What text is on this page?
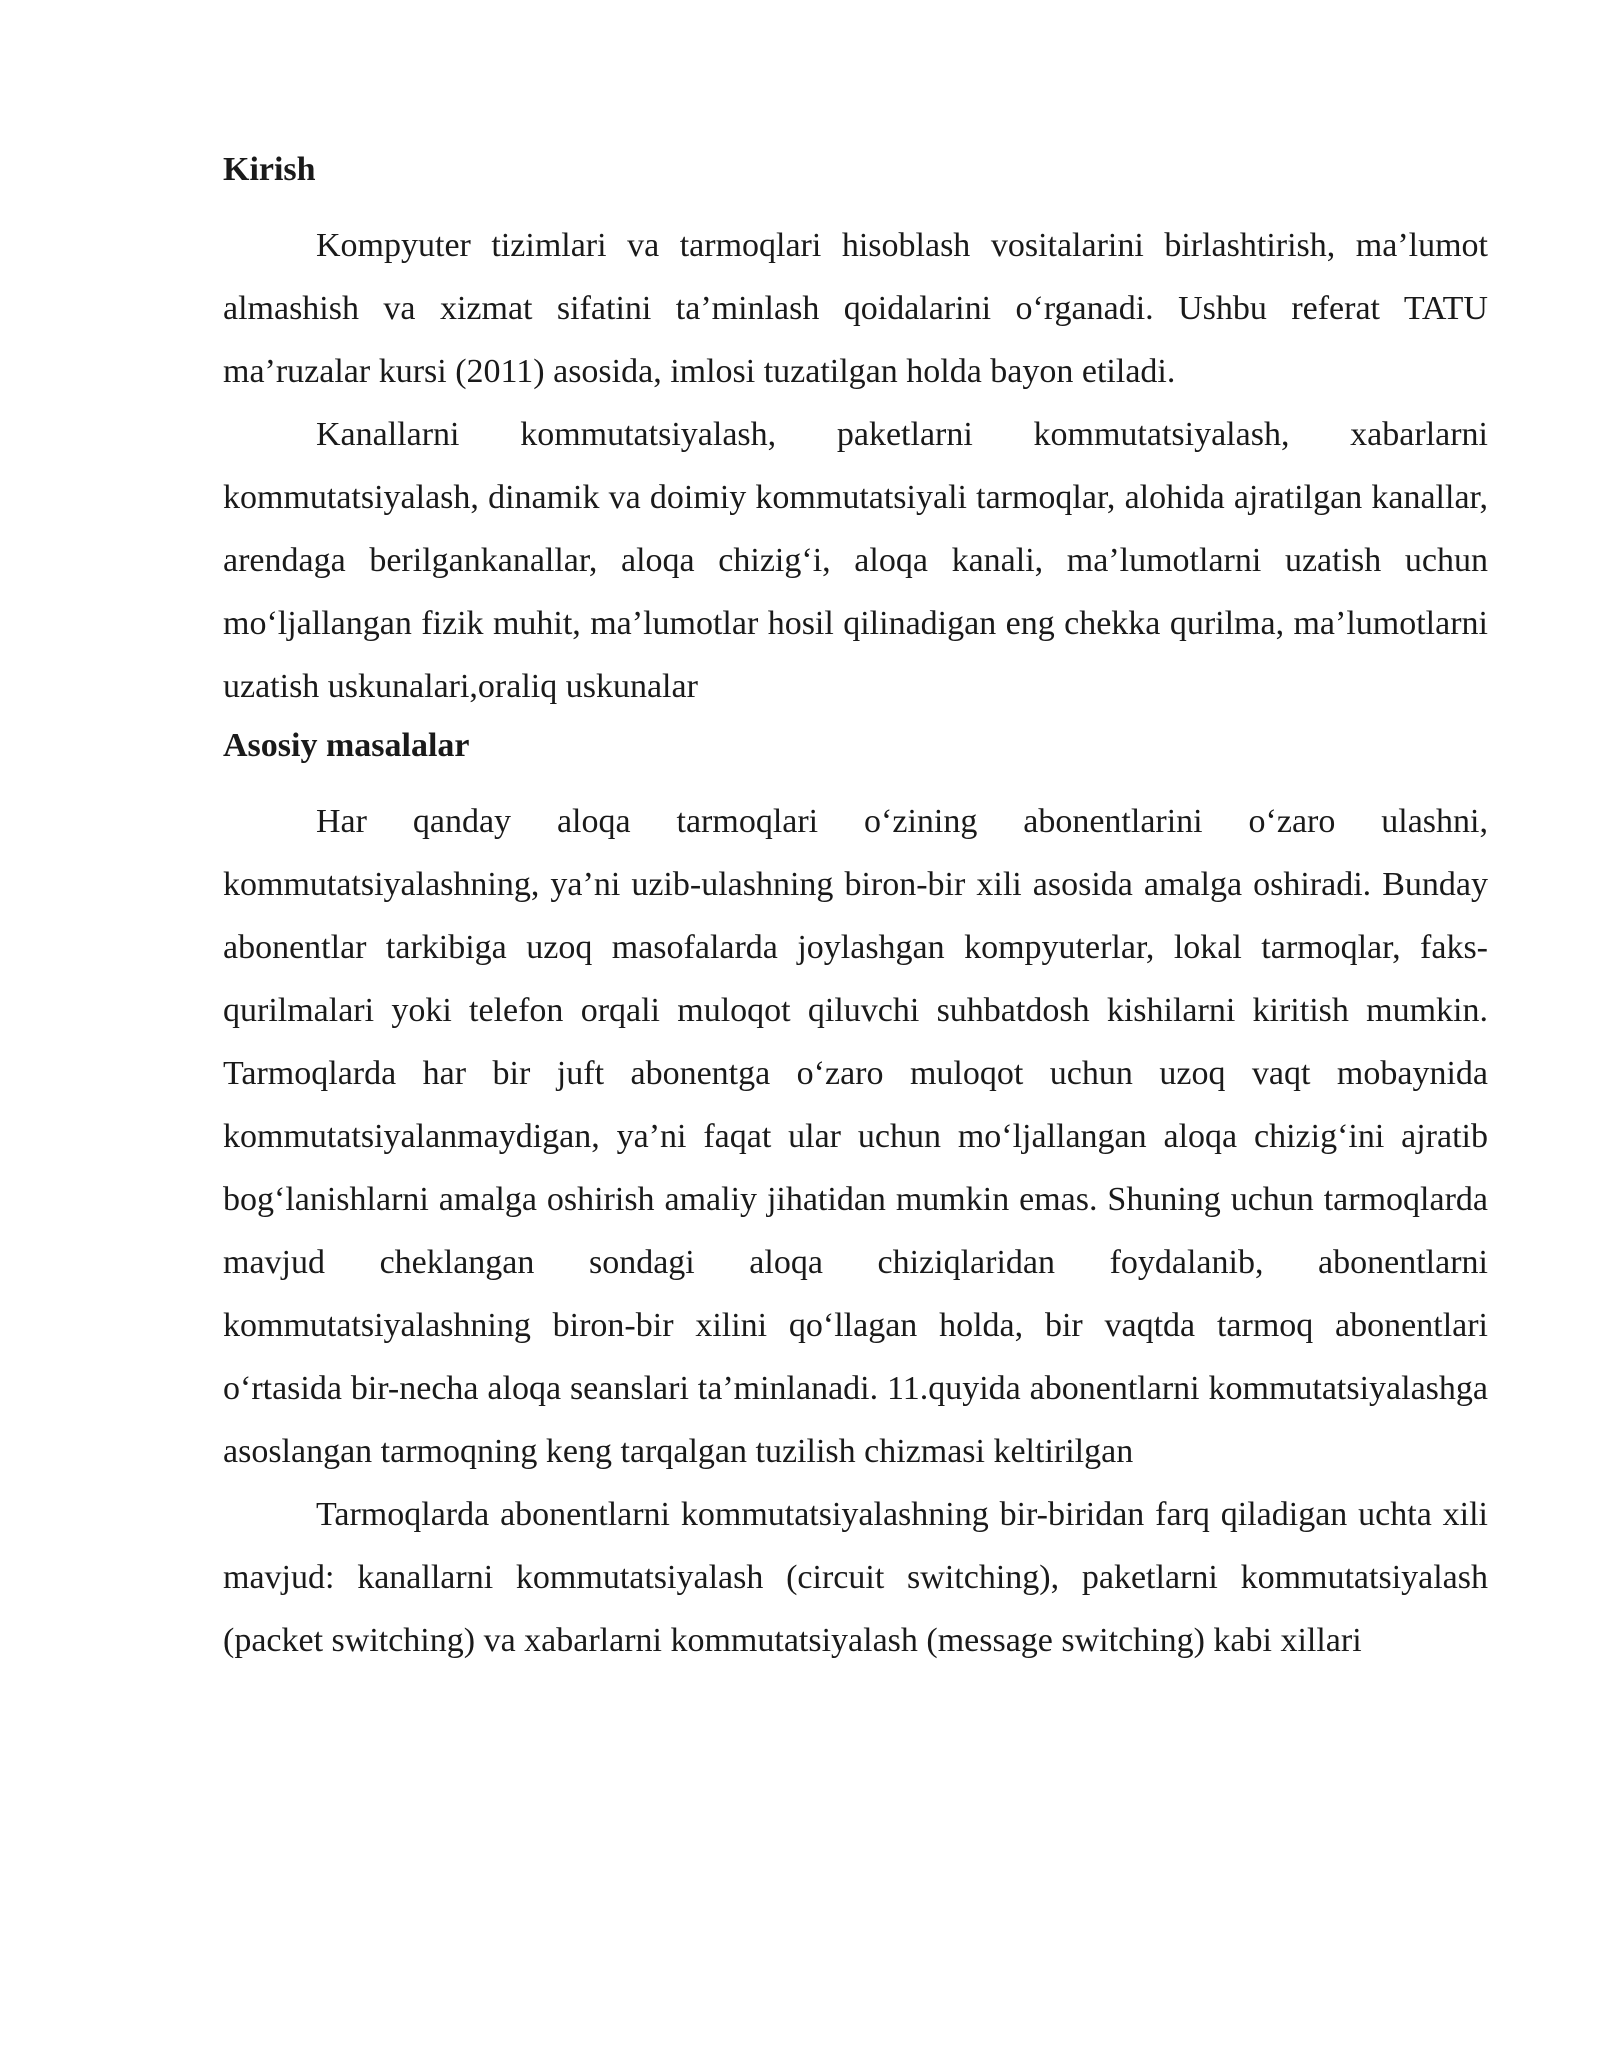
Kirish

Kompyuter tizimlari va tarmoqlari hisoblash vositalarini birlashtirish, ma’lumot almashish va xizmat sifatini ta’minlash qoidalarini o‘rganadi. Ushbu referat TATU ma’ruzalar kursi (2011) asosida, imlosi tuzatilgan holda bayon etiladi.

Kanallarni kommutatsiyalash, paketlarni kommutatsiyalash, xabarlarni kommutatsiyalash, dinamik va doimiy kommutatsiyali tarmoqlar, alohida ajratilgan kanallar, arendaga berilgankanallar, aloqa chizig‘i, aloqa kanali, ma’lumotlarni uzatish uchun mo‘ljallangan fizik muhit, ma’lumotlar hosil qilinadigan eng chekka qurilma, ma’lumotlarni uzatish uskunalari,oraliq uskunalar

Asosiy masalalar

Har qanday aloqa tarmoqlari o‘zining abonentlarini o‘zaro ulashni, kommutatsiyalashning, ya’ni uzib-ulashning biron-bir xili asosida amalga oshiradi. Bunday abonentlar tarkibiga uzoq masofalarda joylashgan kompyuterlar, lokal tarmoqlar, faks-qurilmalari yoki telefon orqali muloqot qiluvchi suhbatdosh kishilarni kiritish mumkin. Tarmoqlarda har bir juft abonentga o‘zaro muloqot uchun uzoq vaqt mobaynida kommutatsiyalanmaydigan, ya’ni faqat ular uchun mo‘ljallangan aloqa chizig‘ini ajratib bog‘lanishlarni amalga oshirish amaliy jihatidan mumkin emas. Shuning uchun tarmoqlarda mavjud cheklangan sondagi aloqa chiziqlaridan foydalanib, abonentlarni kommutatsiyalashning biron-bir xilini qo‘llagan holda, bir vaqtda tarmoq abonentlari o‘rtasida bir-necha aloqa seanslari ta’minlanadi. 11.quyida abonentlarni kommutatsiyalashga asoslangan tarmoqning keng tarqalgan tuzilish chizmasi keltirilgan

Tarmoqlarda abonentlarni kommutatsiyalashning bir-biridan farq qiladigan uchta xili mavjud: kanallarni kommutatsiyalash (circuit switching), paketlarni kommutatsiyalash (packet switching) va xabarlarni kommutatsiyalash (message switching) kabi xillari
